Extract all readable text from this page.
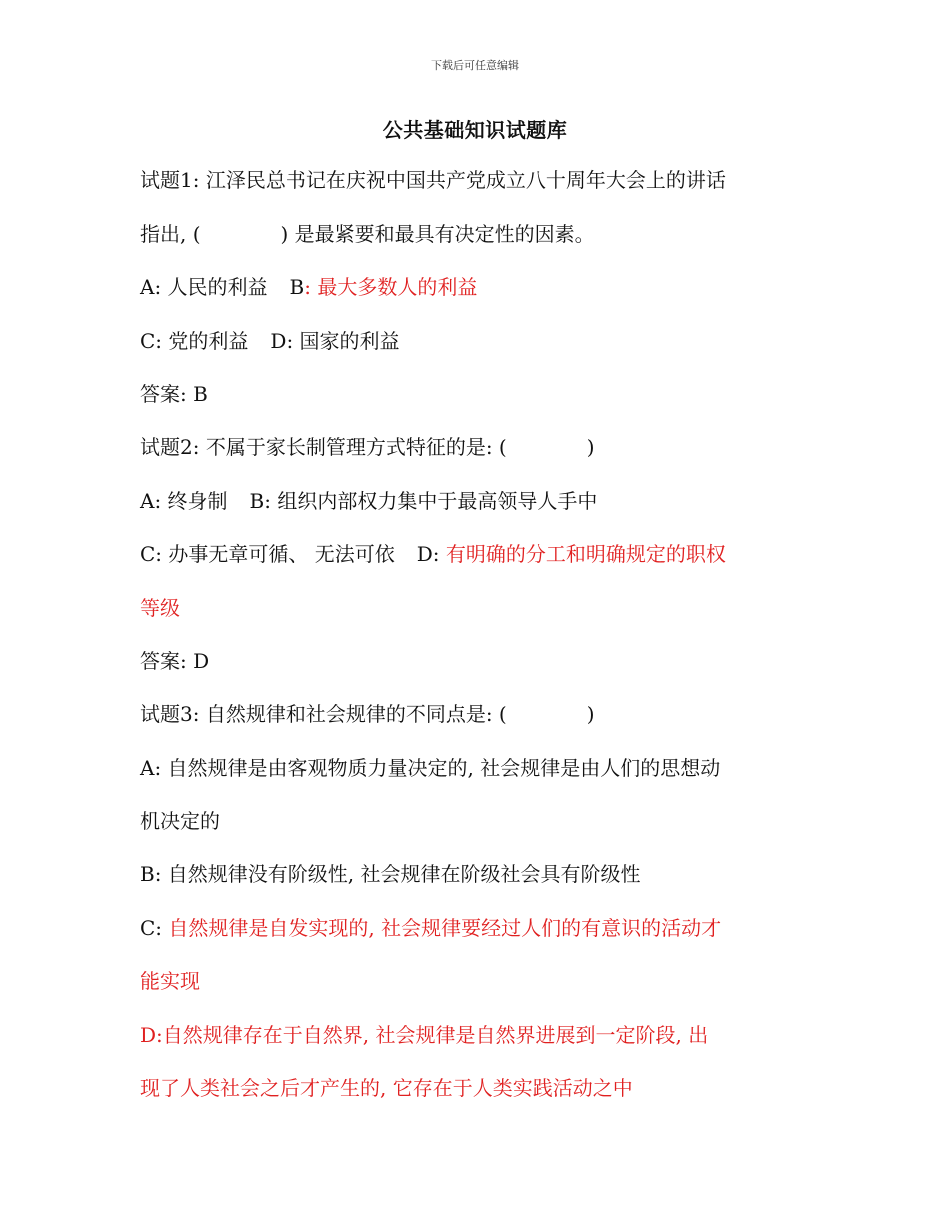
下载后可任意编辑
公共基础知识试题库
试题1: 江泽民总书记在庆祝中国共产党成立八十周年大会上的讲话
指出, (　　　　) 是最紧要和最具有决定性的因素。
A: 人民的利益 B: 最大多数人的利益
C: 党的利益 D: 国家的利益
答案: B
试题2: 不属于家长制管理方式特征的是: (　　　　)
A: 终身制 B: 组织内部权力集中于最高领导人手中
C: 办事无章可循、 无法可依 D: 有明确的分工和明确规定的职权
等级
答案: D
试题3: 自然规律和社会规律的不同点是: (　　　　)
A: 自然规律是由客观物质力量决定的, 社会规律是由人们的思想动
机决定的
B: 自然规律没有阶级性, 社会规律在阶级社会具有阶级性
C: 自然规律是自发实现的, 社会规律要经过人们的有意识的活动才
能实现
D:自然规律存在于自然界, 社会规律是自然界进展到一定阶段, 出
现了人类社会之后才产生的, 它存在于人类实践活动之中
